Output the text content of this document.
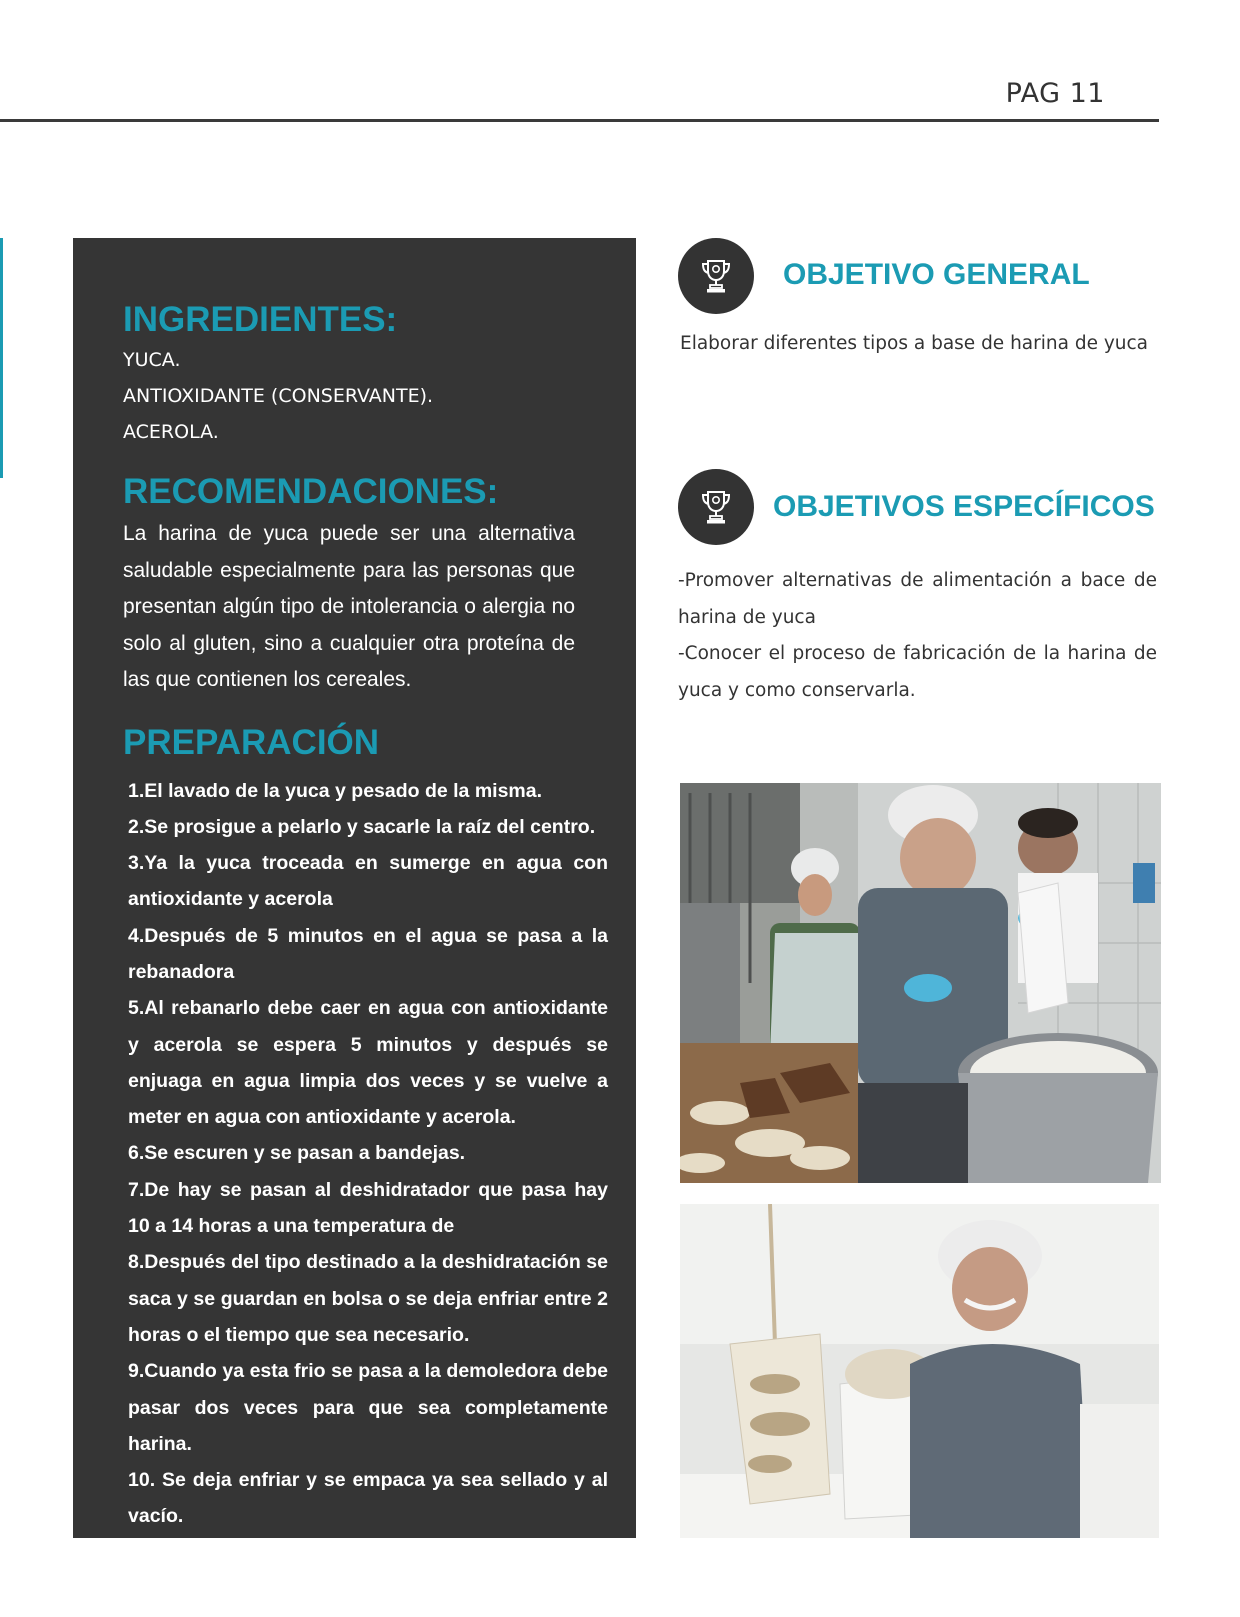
PAG 11
INGREDIENTES:
YUCA.
ANTIOXIDANTE (CONSERVANTE).
ACEROLA.
RECOMENDACIONES:

La harina de yuca puede ser una alternativa saludable especialmente para las personas que presentan algún tipo de intolerancia o alergia no solo al gluten, sino a cualquier otra proteína de las que contienen los cereales.

PREPARACIÓN
1.El lavado de la yuca y pesado de la misma.
2.Se prosigue a pelarlo y sacarle la raíz del centro.
3.Ya la yuca troceada en sumerge en agua con antioxidante y acerola
4.Después de 5 minutos en el agua se pasa a la rebanadora
5.Al rebanarlo debe caer en agua con antioxidante y acerola se espera 5 minutos y después se enjuaga en agua limpia dos veces y se vuelve a meter en agua con antioxidante y acerola.
6.Se escuren y se pasan a bandejas.
7.De hay se pasan al deshidratador que pasa hay 10 a 14 horas a una temperatura de
8.Después del tipo destinado a la deshidratación se saca y se guardan en bolsa o se deja enfriar entre 2 horas o el tiempo que sea necesario.
9.Cuando ya esta frio se pasa a la demoledora debe pasar dos veces para que sea completamente harina.
10. Se deja enfriar y se empaca ya sea sellado y al vacío.
OBJETIVO GENERAL
Elaborar diferentes tipos a base de harina de yuca
OBJETIVOS ESPECÍFICOS
-Promover alternativas de alimentación a bace de harina de yuca
-Conocer el proceso de fabricación de la harina de yuca y como conservarla.
